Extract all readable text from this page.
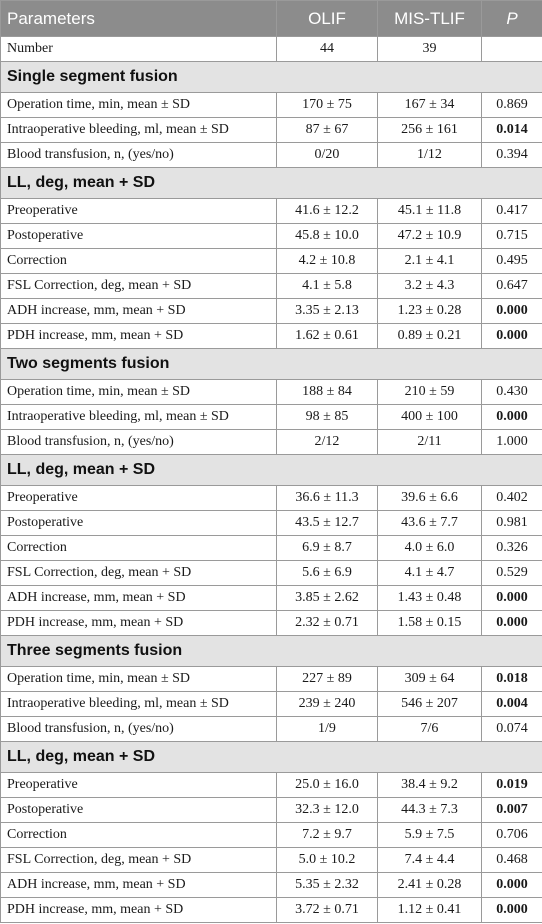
Parameters	OLIF	MIS-TLIF	P
Number	44	39	
Single segment fusion			
Operation time, min, mean ± SD	170 ± 75	167 ± 34	0.869
Intraoperative bleeding, ml, mean ± SD	87 ± 67	256 ± 161	0.014
Blood transfusion, n, (yes/no)	0/20	1/12	0.394
LL, deg, mean + SD			
Preoperative	41.6 ± 12.2	45.1 ± 11.8	0.417
Postoperative	45.8 ± 10.0	47.2 ± 10.9	0.715
Correction	4.2 ± 10.8	2.1 ± 4.1	0.495
FSL Correction, deg, mean + SD	4.1 ± 5.8	3.2 ± 4.3	0.647
ADH increase, mm, mean + SD	3.35 ± 2.13	1.23 ± 0.28	0.000
PDH increase, mm, mean + SD	1.62 ± 0.61	0.89 ± 0.21	0.000
Two segments fusion			
Operation time, min, mean ± SD	188 ± 84	210 ± 59	0.430
Intraoperative bleeding, ml, mean ± SD	98 ± 85	400 ± 100	0.000
Blood transfusion, n, (yes/no)	2/12	2/11	1.000
LL, deg, mean + SD			
Preoperative	36.6 ± 11.3	39.6 ± 6.6	0.402
Postoperative	43.5 ± 12.7	43.6 ± 7.7	0.981
Correction	6.9 ± 8.7	4.0 ± 6.0	0.326
FSL Correction, deg, mean + SD	5.6 ± 6.9	4.1 ± 4.7	0.529
ADH increase, mm, mean + SD	3.85 ± 2.62	1.43 ± 0.48	0.000
PDH increase, mm, mean + SD	2.32 ± 0.71	1.58 ± 0.15	0.000
Three segments fusion			
Operation time, min, mean ± SD	227 ± 89	309 ± 64	0.018
Intraoperative bleeding, ml, mean ± SD	239 ± 240	546 ± 207	0.004
Blood transfusion, n, (yes/no)	1/9	7/6	0.074
LL, deg, mean + SD			
Preoperative	25.0 ± 16.0	38.4 ± 9.2	0.019
Postoperative	32.3 ± 12.0	44.3 ± 7.3	0.007
Correction	7.2 ± 9.7	5.9 ± 7.5	0.706
FSL Correction, deg, mean + SD	5.0 ± 10.2	7.4 ± 4.4	0.468
ADH increase, mm, mean + SD	5.35 ± 2.32	2.41 ± 0.28	0.000
PDH increase, mm, mean + SD	3.72 ± 0.71	1.12 ± 0.41	0.000
